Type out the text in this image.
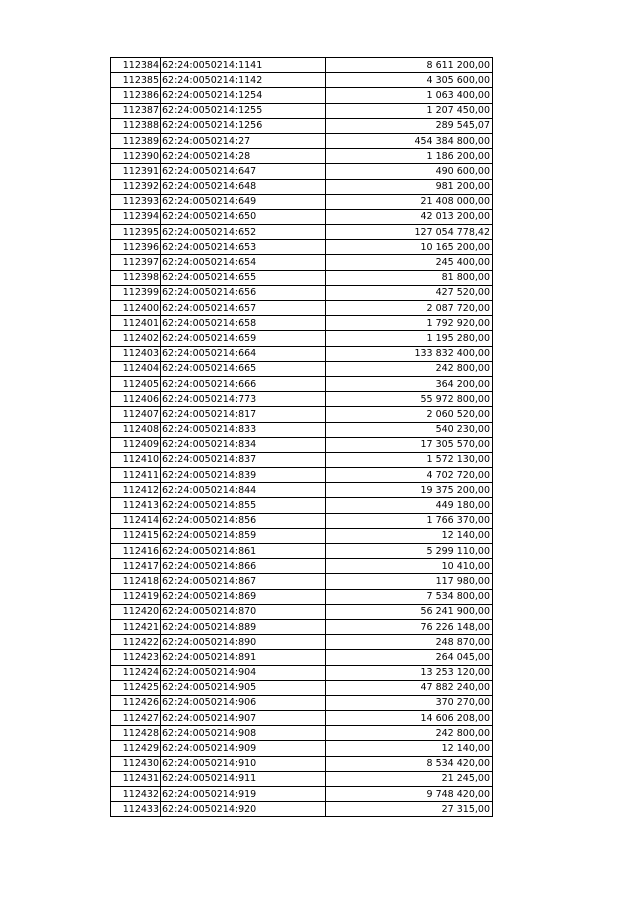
112384	62:24:0050214:1141	8 611 200,00
112385	62:24:0050214:1142	4 305 600,00
112386	62:24:0050214:1254	1 063 400,00
112387	62:24:0050214:1255	1 207 450,00
112388	62:24:0050214:1256	289 545,07
112389	62:24:0050214:27	454 384 800,00
112390	62:24:0050214:28	1 186 200,00
112391	62:24:0050214:647	490 600,00
112392	62:24:0050214:648	981 200,00
112393	62:24:0050214:649	21 408 000,00
112394	62:24:0050214:650	42 013 200,00
112395	62:24:0050214:652	127 054 778,42
112396	62:24:0050214:653	10 165 200,00
112397	62:24:0050214:654	245 400,00
112398	62:24:0050214:655	81 800,00
112399	62:24:0050214:656	427 520,00
112400	62:24:0050214:657	2 087 720,00
112401	62:24:0050214:658	1 792 920,00
112402	62:24:0050214:659	1 195 280,00
112403	62:24:0050214:664	133 832 400,00
112404	62:24:0050214:665	242 800,00
112405	62:24:0050214:666	364 200,00
112406	62:24:0050214:773	55 972 800,00
112407	62:24:0050214:817	2 060 520,00
112408	62:24:0050214:833	540 230,00
112409	62:24:0050214:834	17 305 570,00
112410	62:24:0050214:837	1 572 130,00
112411	62:24:0050214:839	4 702 720,00
112412	62:24:0050214:844	19 375 200,00
112413	62:24:0050214:855	449 180,00
112414	62:24:0050214:856	1 766 370,00
112415	62:24:0050214:859	12 140,00
112416	62:24:0050214:861	5 299 110,00
112417	62:24:0050214:866	10 410,00
112418	62:24:0050214:867	117 980,00
112419	62:24:0050214:869	7 534 800,00
112420	62:24:0050214:870	56 241 900,00
112421	62:24:0050214:889	76 226 148,00
112422	62:24:0050214:890	248 870,00
112423	62:24:0050214:891	264 045,00
112424	62:24:0050214:904	13 253 120,00
112425	62:24:0050214:905	47 882 240,00
112426	62:24:0050214:906	370 270,00
112427	62:24:0050214:907	14 606 208,00
112428	62:24:0050214:908	242 800,00
112429	62:24:0050214:909	12 140,00
112430	62:24:0050214:910	8 534 420,00
112431	62:24:0050214:911	21 245,00
112432	62:24:0050214:919	9 748 420,00
112433	62:24:0050214:920	27 315,00
